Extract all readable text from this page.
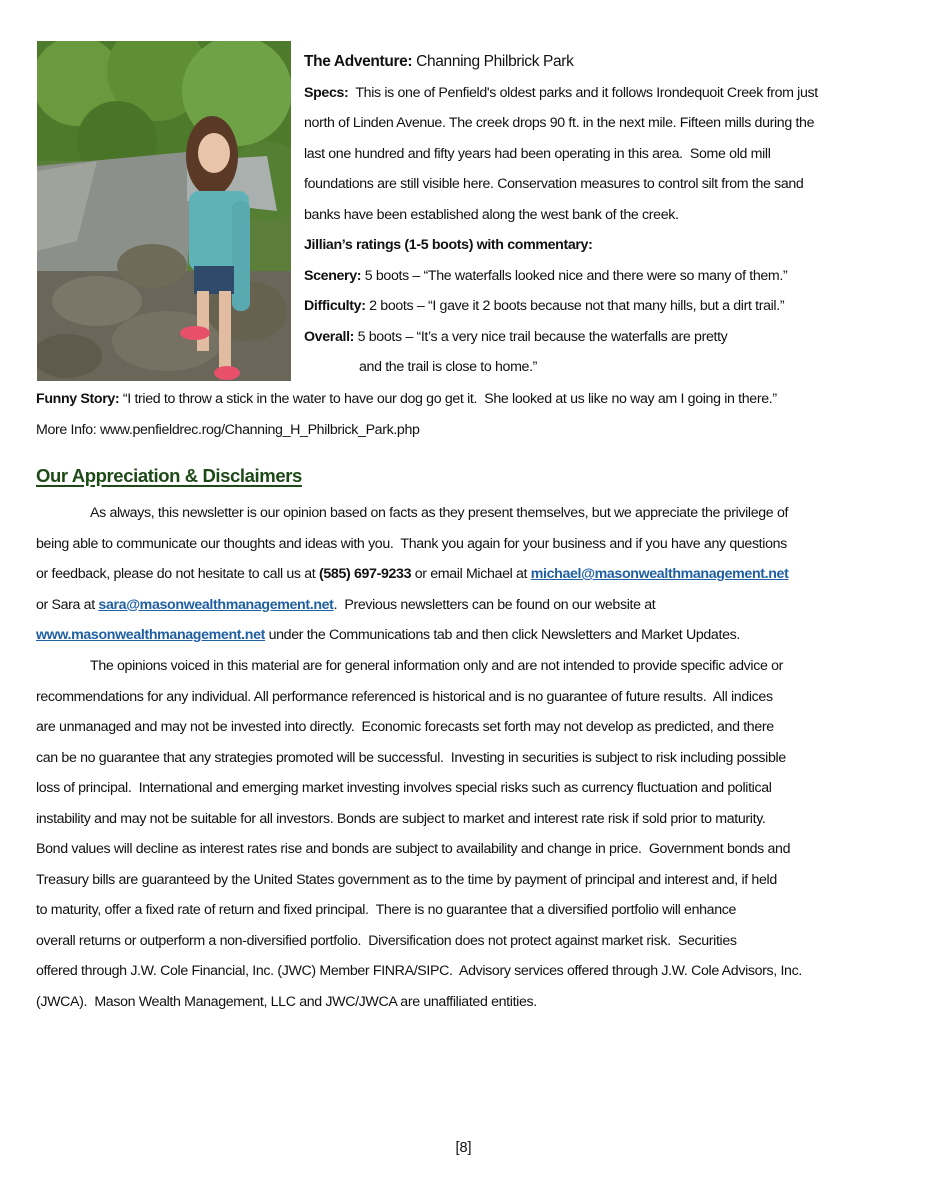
The Adventure: Channing Philbrick Park
Specs:  This is one of Penfield's oldest parks and it follows Irondequoit Creek from just
north of Linden Avenue. The creek drops 90 ft. in the next mile. Fifteen mills during the
last one hundred and fifty years had been operating in this area.  Some old mill
foundations are still visible here. Conservation measures to control silt from the sand
banks have been established along the west bank of the creek.
Jillian’s ratings (1-5 boots) with commentary:
Scenery: 5 boots – “The waterfalls looked nice and there were so many of them.”
Difficulty: 2 boots – “I gave it 2 boots because not that many hills, but a dirt trail.”
Overall: 5 boots – “It’s a very nice trail because the waterfalls are pretty
and the trail is close to home.”
Funny Story: “I tried to throw a stick in the water to have our dog go get it.  She looked at us like no way am I going in there.”
More Info: www.penfieldrec.rog/Channing_H_Philbrick_Park.php
Our Appreciation & Disclaimers
As always, this newsletter is our opinion based on facts as they present themselves, but we appreciate the privilege of
being able to communicate our thoughts and ideas with you.  Thank you again for your business and if you have any questions
or feedback, please do not hesitate to call us at (585) 697-9233 or email Michael at michael@masonwealthmanagement.net
or Sara at sara@masonwealthmanagement.net.  Previous newsletters can be found on our website at
www.masonwealthmanagement.net under the Communications tab and then click Newsletters and Market Updates.
The opinions voiced in this material are for general information only and are not intended to provide specific advice or
recommendations for any individual. All performance referenced is historical and is no guarantee of future results.  All indices
are unmanaged and may not be invested into directly.  Economic forecasts set forth may not develop as predicted, and there
can be no guarantee that any strategies promoted will be successful.  Investing in securities is subject to risk including possible
loss of principal.  International and emerging market investing involves special risks such as currency fluctuation and political
instability and may not be suitable for all investors. Bonds are subject to market and interest rate risk if sold prior to maturity.
Bond values will decline as interest rates rise and bonds are subject to availability and change in price.  Government bonds and
Treasury bills are guaranteed by the United States government as to the time by payment of principal and interest and, if held
to maturity, offer a fixed rate of return and fixed principal.  There is no guarantee that a diversified portfolio will enhance
overall returns or outperform a non-diversified portfolio.  Diversification does not protect against market risk.  Securities
offered through J.W. Cole Financial, Inc. (JWC) Member FINRA/SIPC.  Advisory services offered through J.W. Cole Advisors, Inc.
(JWCA).  Mason Wealth Management, LLC and JWC/JWCA are unaffiliated entities.
[8]
